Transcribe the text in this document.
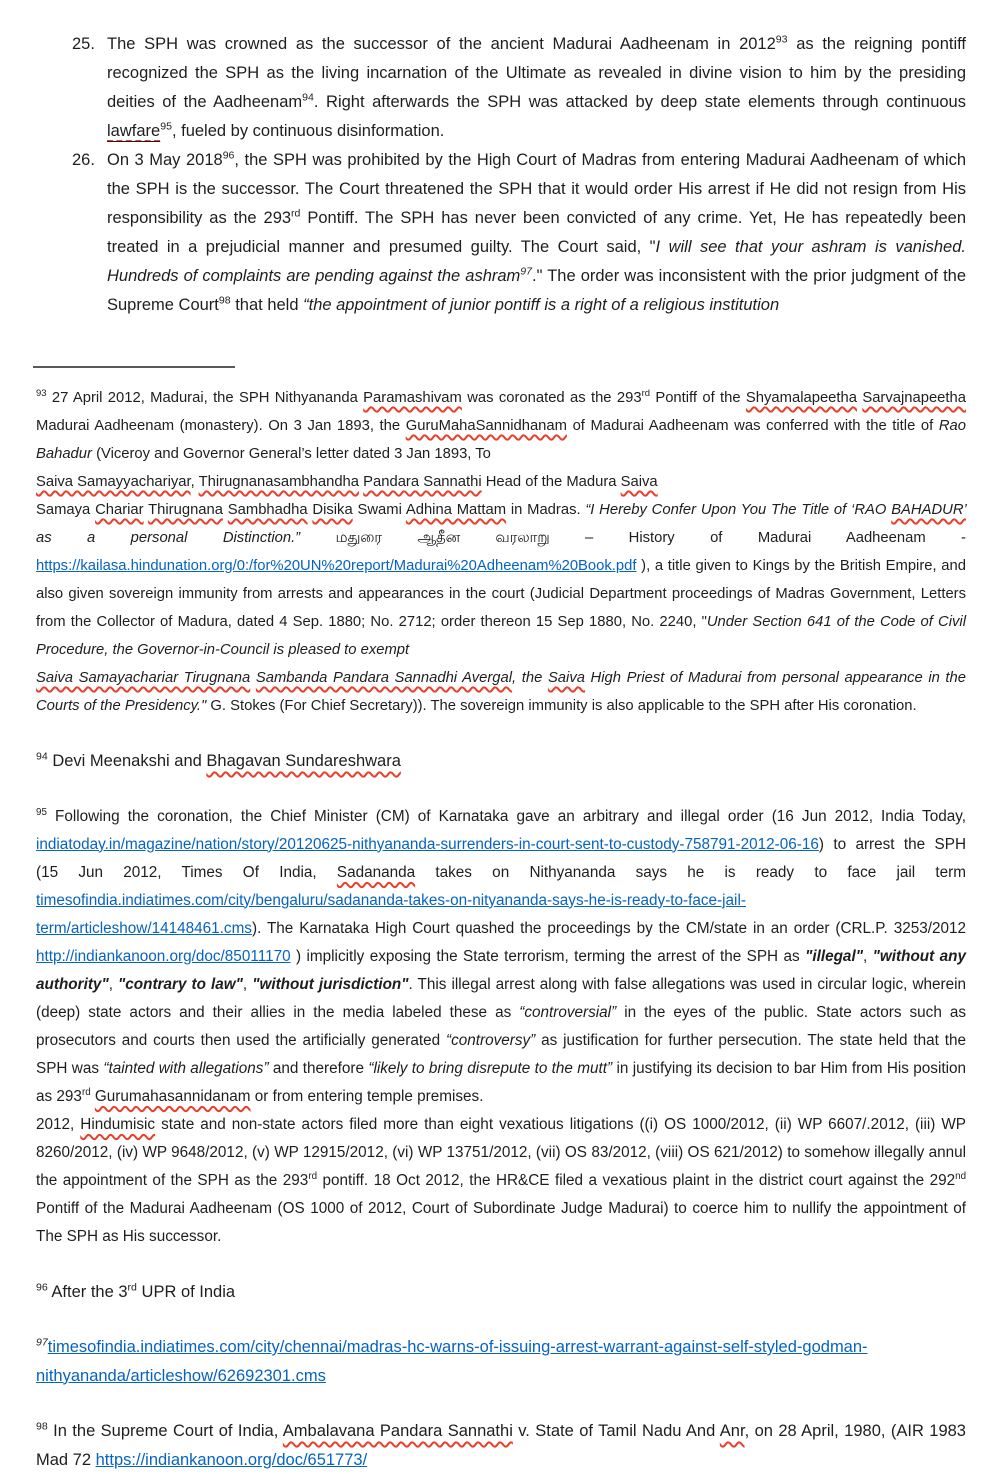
25. The SPH was crowned as the successor of the ancient Madurai Aadheenam in 2012$^{93}$ as the reigning pontiff recognized the SPH as the living incarnation of the Ultimate as revealed in divine vision to him by the presiding deities of the Aadheenam$^{94}$. Right afterwards the SPH was attacked by deep state elements through continuous lawfare$^{95}$, fueled by continuous disinformation.
26. On 3 May 2018$^{96}$, the SPH was prohibited by the High Court of Madras from entering Madurai Aadheenam of which the SPH is the successor. The Court threatened the SPH that it would order His arrest if He did not resign from His responsibility as the 293rd Pontiff. The SPH has never been convicted of any crime. Yet, He has repeatedly been treated in a prejudicial manner and presumed guilty. The Court said, "I will see that your ashram is vanished. Hundreds of complaints are pending against the ashram$^{97}$." The order was inconsistent with the prior judgment of the Supreme Court$^{98}$ that held “the appointment of junior pontiff is a right of a religious institution
$^{93}$ 27 April 2012, Madurai, the SPH Nithyananda Paramashivam was coronated as the 293rd Pontiff of the Shyamalapeetha Sarvajnapeetha Madurai Aadheenam (monastery). On 3 Jan 1893, the GuruMahaSannidhanam of Madurai Aadheenam was conferred with the title of Rao Bahadur (Viceroy and Governor General’s letter dated 3 Jan 1893, To
Saiva Samayyachariyar, Thirugnanasambhandha Pandara Sannathi Head of the Madura Saiva
Samaya Chariar Thirugnana Sambhadha Disika Swami Adhina Mattam in Madras. “I Hereby Confer Upon You The Title of ‘RAO BAHADUR’ as a personal Distinction.” மதுரை ஆதீன வரலாறு – History of Madurai Aadheenam - https://kailasa.hindunation.org/0:/for%20UN%20report/Madurai%20Adheenam%20Book.pdf ), a title given to Kings by the British Empire, and also given sovereign immunity from arrests and appearances in the court (Judicial Department proceedings of Madras Government, Letters from the Collector of Madura, dated 4 Sep. 1880; No. 2712; order thereon 15 Sep 1880, No. 2240, "Under Section 641 of the Code of Civil Procedure, the Governor-in-Council is pleased to exempt
Saiva Samayachariar Tirugnana Sambanda Pandara Sannadhi Avergal, the Saiva High Priest of Madurai from personal appearance in the Courts of the Presidency." G. Stokes (For Chief Secretary)). The sovereign immunity is also applicable to the SPH after His coronation.
$^{94}$ Devi Meenakshi and Bhagavan Sundareshwara
$^{95}$ Following the coronation, the Chief Minister (CM) of Karnataka gave an arbitrary and illegal order (16 Jun 2012, India Today, indiatoday.in/magazine/nation/story/20120625-nithyananda-surrenders-in-court-sent-to-custody-758791-2012-06-16) to arrest the SPH (15 Jun 2012, Times Of India, Sadananda takes on Nithyananda says he is ready to face jail term timesofindia.indiatimes.com/city/bengaluru/sadananda-takes-on-nityananda-says-he-is-ready-to-face-jail-term/articleshow/14148461.cms). The Karnataka High Court quashed the proceedings by the CM/state in an order (CRL.P. 3253/2012 http://indiankanoon.org/doc/85011170 ) implicitly exposing the State terrorism, terming the arrest of the SPH as "illegal", "without any authority", "contrary to law", "without jurisdiction". This illegal arrest along with false allegations was used in circular logic, wherein (deep) state actors and their allies in the media labeled these as “controversial” in the eyes of the public. State actors such as prosecutors and courts then used the artificially generated “controversy” as justification for further persecution. The state held that the SPH was “tainted with allegations” and therefore “likely to bring disrepute to the mutt” in justifying its decision to bar Him from His position as 293rd Gurumahasannidanam or from entering temple premises.
2012, Hindumisic state and non-state actors filed more than eight vexatious litigations ((i) OS 1000/2012, (ii) WP 6607/.2012, (iii) WP 8260/2012, (iv) WP 9648/2012, (v) WP 12915/2012, (vi) WP 13751/2012, (vii) OS 83/2012, (viii) OS 621/2012) to somehow illegally annul the appointment of the SPH as the 293rd pontiff. 18 Oct 2012, the HR&CE filed a vexatious plaint in the district court against the 292nd Pontiff of the Madurai Aadheenam (OS 1000 of 2012, Court of Subordinate Judge Madurai) to coerce him to nullify the appointment of The SPH as His successor.
$^{96}$ After the 3rd UPR of India
$^{97}$timesofindia.indiatimes.com/city/chennai/madras-hc-warns-of-issuing-arrest-warrant-against-self-styled-godman-nithyananda/articleshow/62692301.cms
$^{98}$ In the Supreme Court of India, Ambalavana Pandara Sannathi v. State of Tamil Nadu And Anr, on 28 April, 1980, (AIR 1983 Mad 72 https://indiankanoon.org/doc/651773/
